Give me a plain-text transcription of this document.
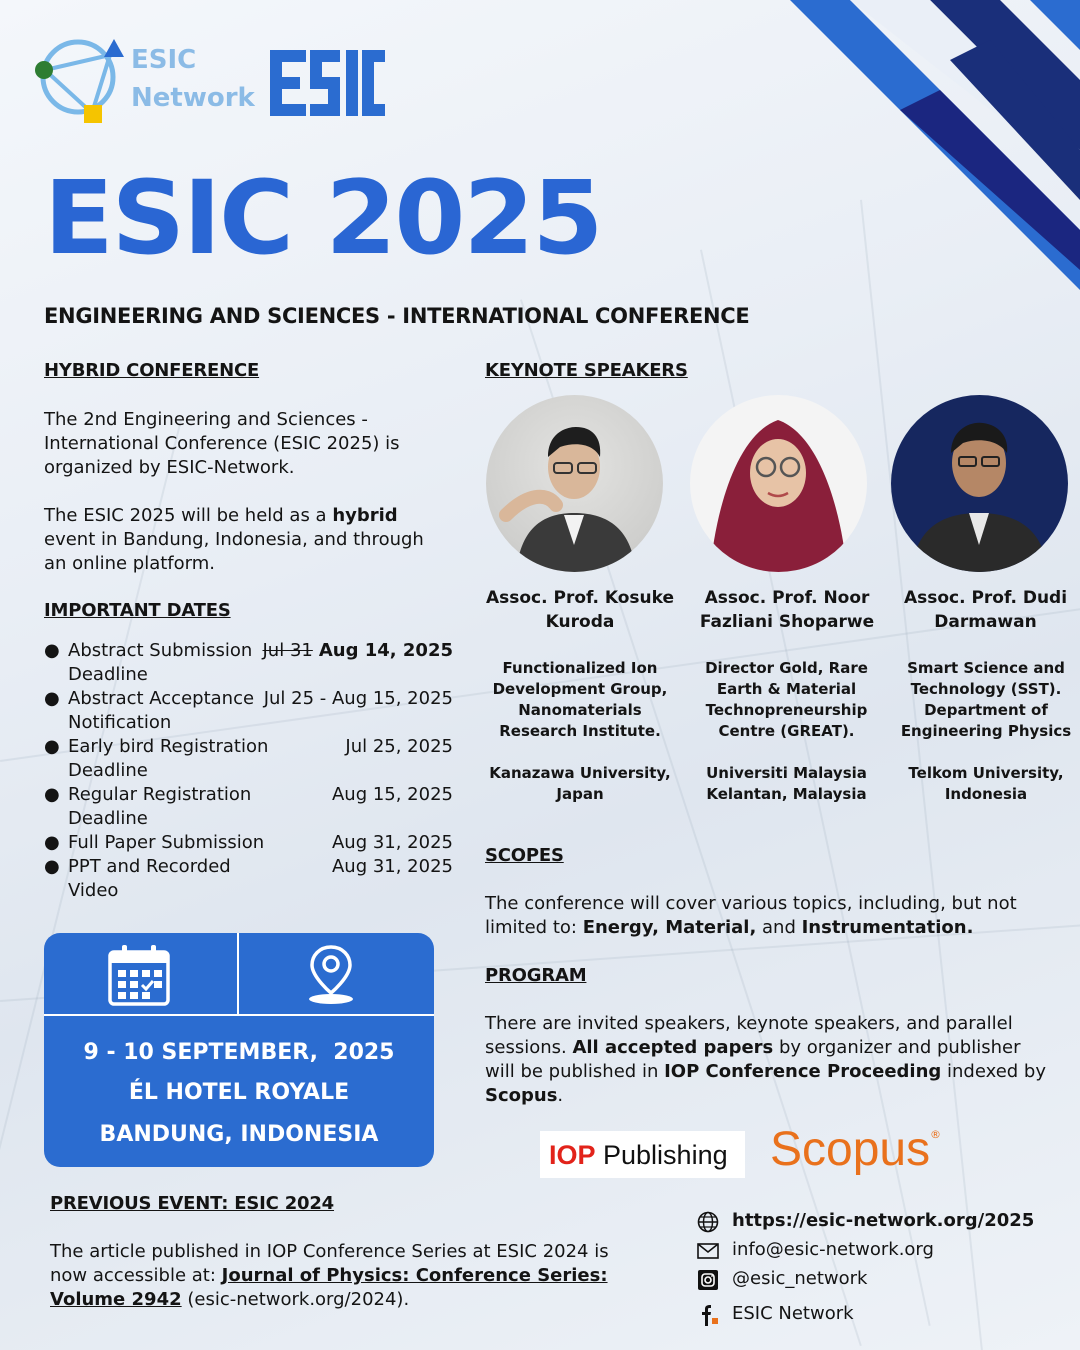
ESIC
Network
ESIC 2025
ENGINEERING AND SCIENCES - INTERNATIONAL CONFERENCE
HYBRID CONFERENCE
The 2nd Engineering and Sciences - International Conference (ESIC 2025) is organized by ESIC-Network.
The ESIC 2025 will be held as a hybrid event in Bandung, Indonesia, and through an online platform.
IMPORTANT DATES
● Abstract Submission Deadline
Jul 31 Aug 14, 2025
● Abstract Acceptance Notification
Jul 25 - Aug 15, 2025
● Early bird Registration Deadline
Jul 25, 2025
● Regular Registration Deadline
Aug 15, 2025
● Full Paper Submission	Aug 31, 2025
● PPT and Recorded Video
Aug 31, 2025
9 - 10 SEPTEMBER,  2025
ÉL HOTEL ROYALE
BANDUNG, INDONESIA
KEYNOTE SPEAKERS
Assoc. Prof. Kosuke Kuroda
Assoc. Prof. Noor Fazliani Shoparwe
Assoc. Prof. Dudi Darmawan
Functionalized Ion Development Group, Nanomaterials Research Institute.
Director Gold, Rare Earth & Material Technopreneurship Centre (GREAT).
Smart Science and Technology (SST). Department of Engineering Physics
Kanazawa University, Japan
Universiti Malaysia Kelantan, Malaysia
Telkom University, Indonesia
SCOPES
The conference will cover various topics, including, but not limited to: Energy, Material, and Instrumentation.
PROGRAM
There are invited speakers, keynote speakers, and parallel sessions. All accepted papers by organizer and publisher will be published in IOP Conference Proceeding indexed by Scopus.
IOP Publishing Scopus ®
PREVIOUS EVENT: ESIC 2024
The article published in IOP Conference Series at ESIC 2024 is now accessible at: Journal of Physics: Conference Series: Volume 2942 (esic-network.org/2024).
https://esic-network.org/2025
info@esic-network.org
@esic_network
ESIC Network
